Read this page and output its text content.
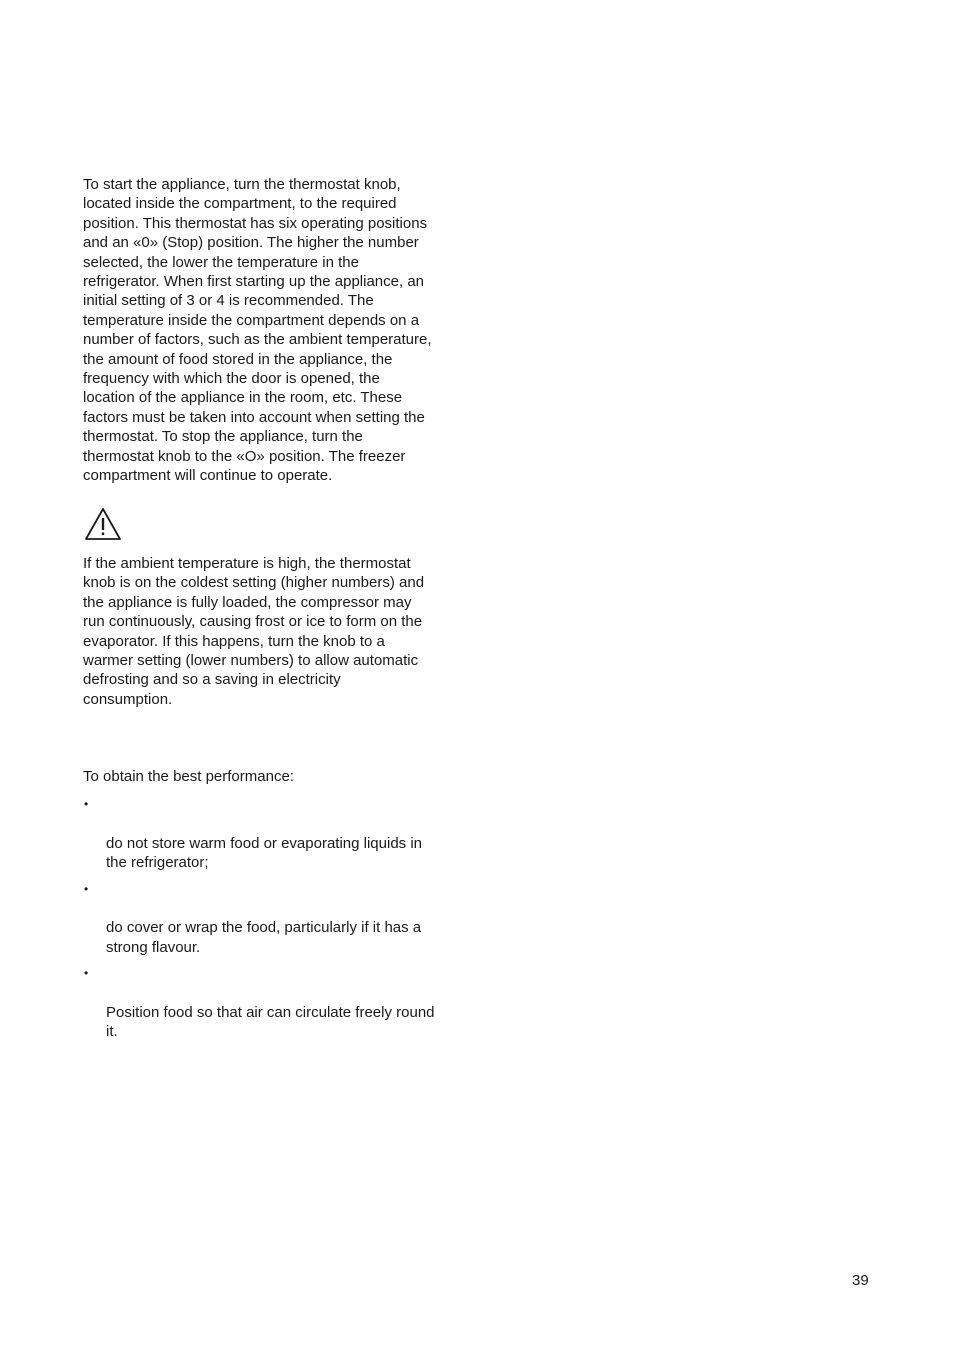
To start the appliance, turn the thermostat knob,
located inside the compartment, to the required
position. This thermostat has six operating positions
and an «0» (Stop) position. The higher the number
selected, the lower the temperature in the
refrigerator. When first starting up the appliance, an
initial setting of 3 or 4 is recommended. The
temperature inside the compartment depends on a
number of factors, such as the ambient temperature,
the amount of food stored in the appliance, the
frequency with which the door is opened, the
location of the appliance in the room, etc. These
factors must be taken into account when setting the
thermostat. To stop the appliance, turn the
thermostat knob to the «O» position. The freezer
compartment will continue to operate.

If the ambient temperature is high, the thermostat
knob is on the coldest setting (higher numbers) and
the appliance is fully loaded, the compressor may
run continuously, causing frost or ice to form on the
evaporator. If this happens, turn the knob to a
warmer setting (lower numbers) to allow automatic
defrosting and so a saving in electricity
consumption.

To obtain the best performance:

•

do not store warm food or evaporating liquids in
the refrigerator;

•

do cover or wrap the food, particularly if it has a
strong flavour.

•

Position food so that air can circulate freely round
it.

39
